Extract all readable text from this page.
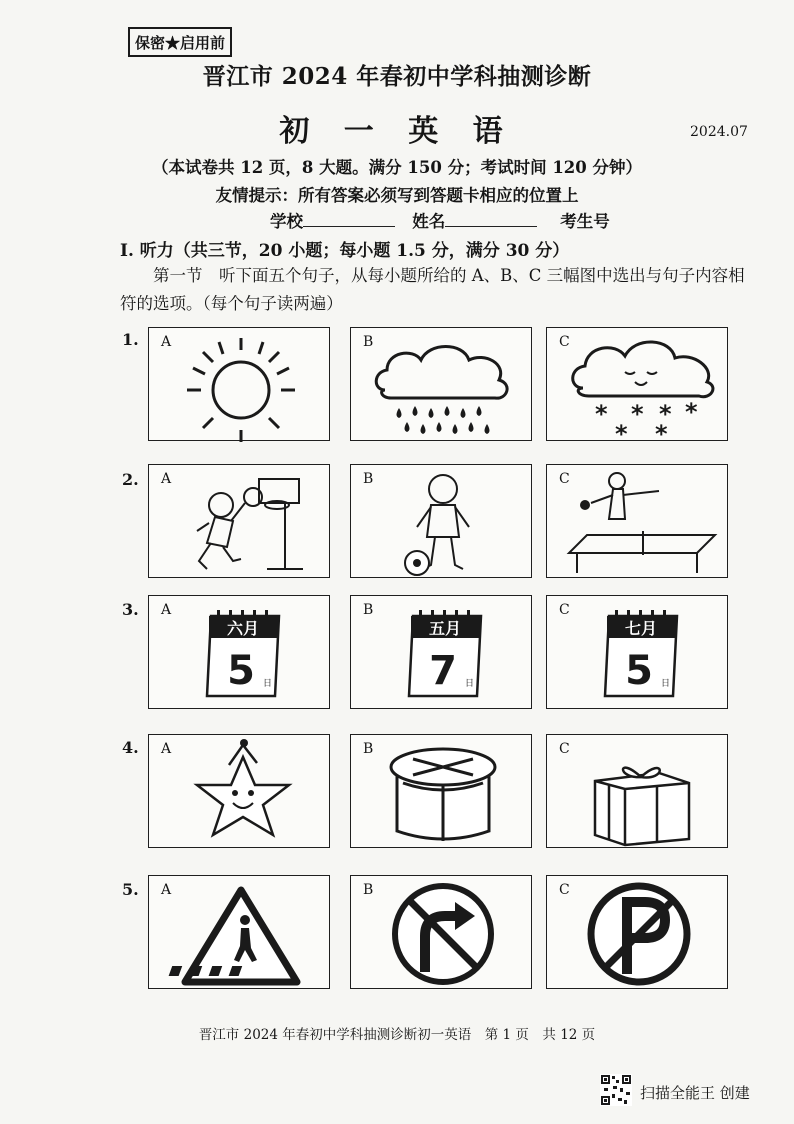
保密★启用前
晋江市 2024 年春初中学科抽测诊断
初 一 英 语	2024.07
（本试卷共 12 页，8 大题。满分 150 分；考试时间 120 分钟）
友情提示：所有答案必须写到答题卡相应的位置上
学校	姓名	考生号
Ⅰ. 听力（共三节，20 小题；每小题 1.5 分，满分 30 分）
  第一节　听下面五个句子，从每小题所给的 A、B、C 三幅图中选出与句子内容相符的选项。（每个句子读两遍）
1. A	B	C
* * * *
* *
2. A	B	C
3. A
六月
5 日
B
五月
7 日
C
七月
5 日
4. A	B	C
5. A	B	C
晋江市 2024 年春初中学科抽测诊断初一英语　第 1 页　共 12 页
扫描全能王 创建
